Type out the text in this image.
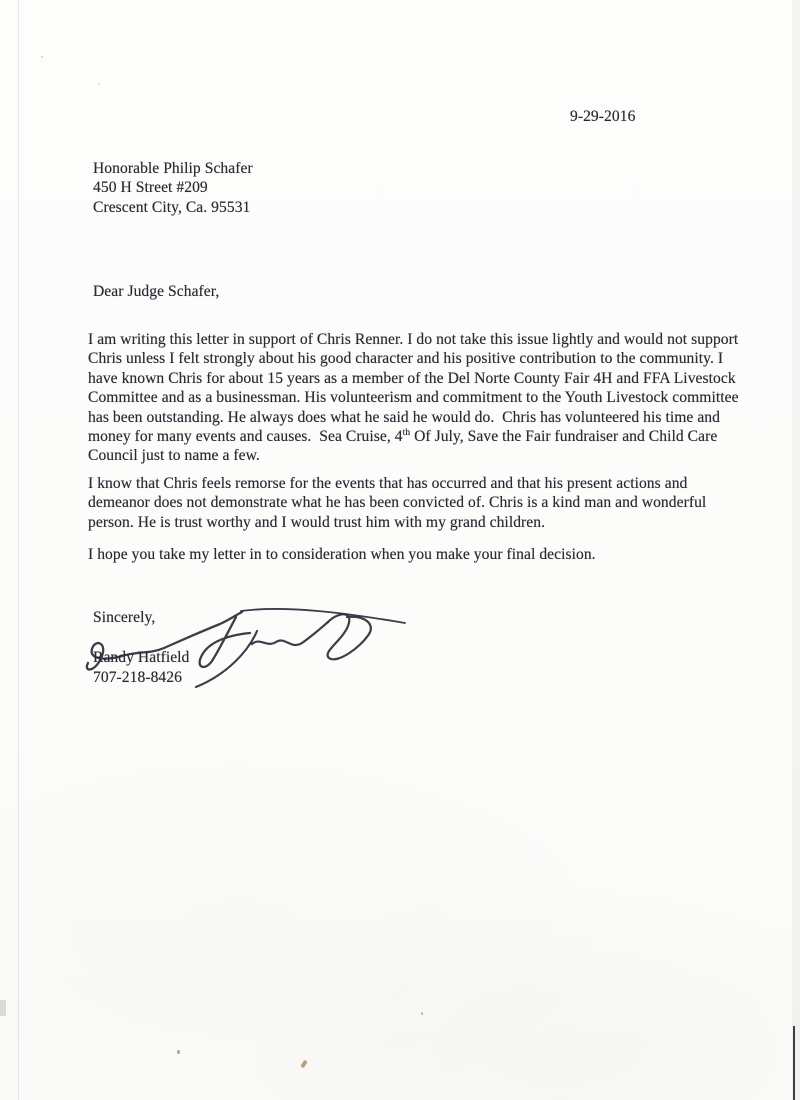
9-29-2016
Honorable Philip Schafer
450 H Street #209
Crescent City, Ca. 95531
Dear Judge Schafer,
I am writing this letter in support of Chris Renner. I do not take this issue lightly and would not support
Chris unless I felt strongly about his good character and his positive contribution to the community. I
have known Chris for about 15 years as a member of the Del Norte County Fair 4H and FFA Livestock
Committee and as a businessman. His volunteerism and commitment to the Youth Livestock committee
has been outstanding. He always does what he said he would do.  Chris has volunteered his time and
money for many events and causes.  Sea Cruise, 4th Of July, Save the Fair fundraiser and Child Care
Council just to name a few.
I know that Chris feels remorse for the events that has occurred and that his present actions and
demeanor does not demonstrate what he has been convicted of. Chris is a kind man and wonderful
person. He is trust worthy and I would trust him with my grand children.
I hope you take my letter in to consideration when you make your final decision.
Sincerely,
Randy Hatfield
707-218-8426
